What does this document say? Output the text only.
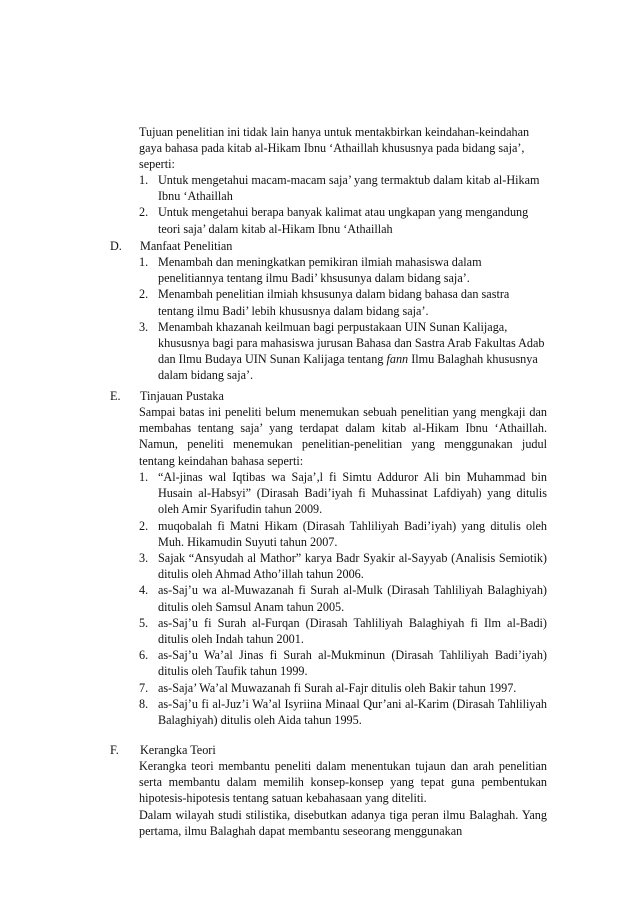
Tujuan penelitian ini tidak lain hanya untuk mentakbirkan keindahan-keindahan gaya bahasa pada kitab al-Hikam Ibnu ‘Athaillah khususnya pada bidang saja’, seperti:

1. Untuk mengetahui macam-macam saja’ yang termaktub dalam kitab al-Hikam Ibnu ‘Athaillah
2. Untuk mengetahui berapa banyak kalimat atau ungkapan yang mengandung teori saja’ dalam kitab al-Hikam Ibnu ‘Athaillah

D. Manfaat Penelitian

1. Menambah dan meningkatkan pemikiran ilmiah mahasiswa dalam penelitiannya tentang ilmu Badi’ khsusunya dalam bidang saja’.
2. Menambah penelitian ilmiah khsusunya dalam bidang bahasa dan sastra tentang ilmu Badi’ lebih khususnya dalam bidang saja’.
3. Menambah khazanah keilmuan bagi perpustakaan UIN Sunan Kalijaga, khususnya bagi para mahasiswa jurusan Bahasa dan Sastra Arab Fakultas Adab dan Ilmu Budaya UIN Sunan Kalijaga tentang fann Ilmu Balaghah khususnya dalam bidang saja’.

E. Tinjauan Pustaka

Sampai batas ini peneliti belum menemukan sebuah penelitian yang mengkaji dan membahas tentang saja’ yang terdapat dalam kitab al-Hikam Ibnu ‘Athaillah. Namun, peneliti menemukan penelitian-penelitian yang menggunakan judul tentang keindahan bahasa seperti:

1. “Al-jinas wal Iqtibas wa Saja’,l fi Simtu Adduror Ali bin Muhammad bin Husain al-Habsyi” (Dirasah Badi’iyah fi Muhassinat Lafdiyah) yang ditulis oleh Amir Syarifudin tahun 2009.
2. muqobalah fi Matni Hikam (Dirasah Tahliliyah Badi’iyah) yang ditulis oleh Muh. Hikamudin Suyuti tahun 2007.
3. Sajak “Ansyudah al Mathor” karya Badr Syakir al-Sayyab (Analisis Semiotik) ditulis oleh Ahmad Atho’illah tahun 2006.
4. as-Saj’u wa al-Muwazanah fi Surah al-Mulk (Dirasah Tahliliyah Balaghiyah) ditulis oleh Samsul Anam tahun 2005.
5. as-Saj’u fi Surah al-Furqan (Dirasah Tahliliyah Balaghiyah fi Ilm al-Badi) ditulis oleh Indah tahun 2001.
6. as-Saj’u Wa’al Jinas fi Surah al-Mukminun (Dirasah Tahliliyah Badi’iyah) ditulis oleh Taufik tahun 1999.
7. as-Saja’ Wa’al Muwazanah fi Surah al-Fajr ditulis oleh Bakir tahun 1997.
8. as-Saj’u fi al-Juz’i Wa’al Isyriina Minaal Qur’ani al-Karim (Dirasah Tahliliyah Balaghiyah) ditulis oleh Aida tahun 1995.

F. Kerangka Teori

Kerangka teori membantu peneliti dalam menentukan tujaun dan arah penelitian serta membantu dalam memilih konsep-konsep yang tepat guna pembentukan hipotesis-hipotesis tentang satuan kebahasaan yang diteliti.

Dalam wilayah studi stilistika, disebutkan adanya tiga peran ilmu Balaghah. Yang pertama, ilmu Balaghah dapat membantu seseorang menggunakan
